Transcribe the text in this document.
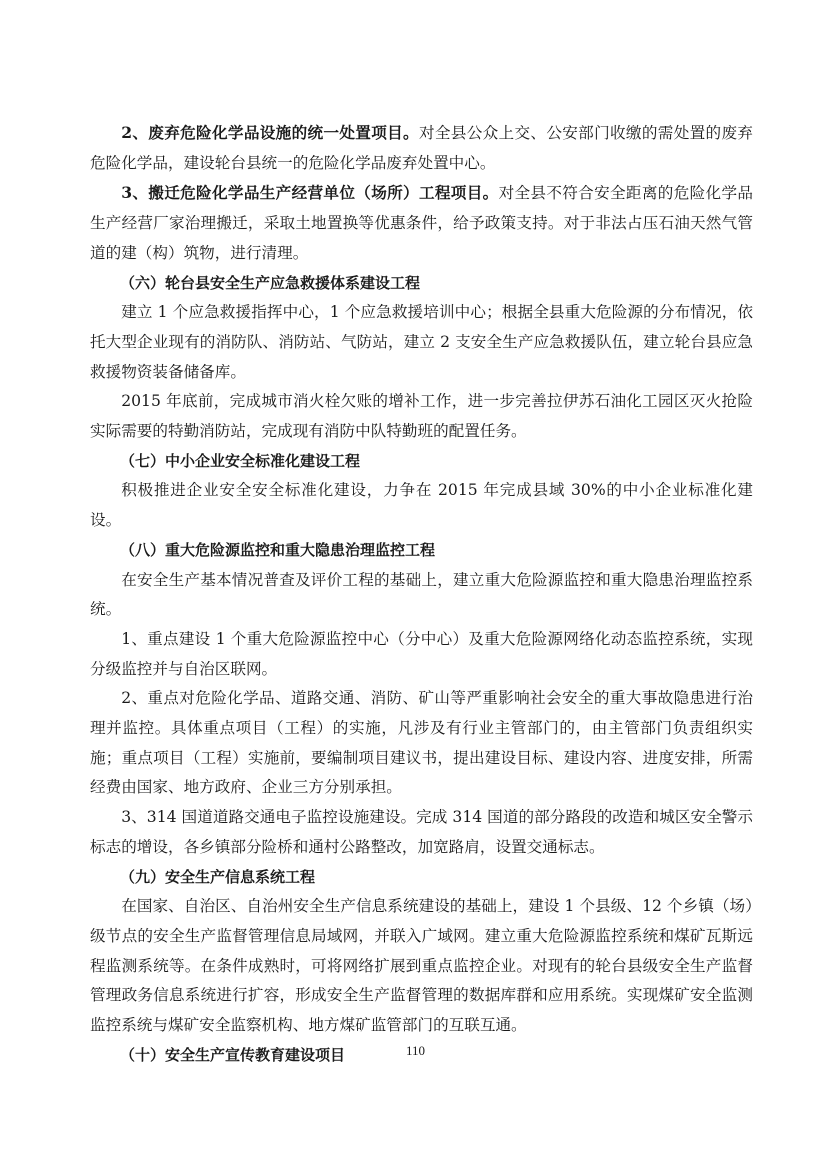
2、废弃危险化学品设施的统一处置项目。对全县公众上交、公安部门收缴的需处置的废弃危险化学品，建设轮台县统一的危险化学品废弃处置中心。

3、搬迁危险化学品生产经营单位（场所）工程项目。对全县不符合安全距离的危险化学品生产经营厂家治理搬迁，采取土地置换等优惠条件，给予政策支持。对于非法占压石油天然气管道的建（构）筑物，进行清理。

（六）轮台县安全生产应急救援体系建设工程

建立 1 个应急救援指挥中心，1 个应急救援培训中心；根据全县重大危险源的分布情况，依托大型企业现有的消防队、消防站、气防站，建立 2 支安全生产应急救援队伍，建立轮台县应急救援物资装备储备库。

2015 年底前，完成城市消火栓欠账的增补工作，进一步完善拉伊苏石油化工园区灭火抢险实际需要的特勤消防站，完成现有消防中队特勤班的配置任务。

（七）中小企业安全标准化建设工程

积极推进企业安全安全标准化建设，力争在 2015 年完成县域 30%的中小企业标准化建设。

（八）重大危险源监控和重大隐患治理监控工程

在安全生产基本情况普查及评价工程的基础上，建立重大危险源监控和重大隐患治理监控系统。

1、重点建设 1 个重大危险源监控中心（分中心）及重大危险源网络化动态监控系统，实现分级监控并与自治区联网。

2、重点对危险化学品、道路交通、消防、矿山等严重影响社会安全的重大事故隐患进行治理并监控。具体重点项目（工程）的实施，凡涉及有行业主管部门的，由主管部门负责组织实施；重点项目（工程）实施前，要编制项目建议书，提出建设目标、建设内容、进度安排，所需经费由国家、地方政府、企业三方分别承担。

3、314 国道道路交通电子监控设施建设。完成 314 国道的部分路段的改造和城区安全警示标志的增设，各乡镇部分险桥和通村公路整改，加宽路肩，设置交通标志。

（九）安全生产信息系统工程

在国家、自治区、自治州安全生产信息系统建设的基础上，建设 1 个县级、12 个乡镇（场）级节点的安全生产监督管理信息局域网，并联入广域网。建立重大危险源监控系统和煤矿瓦斯远程监测系统等。在条件成熟时，可将网络扩展到重点监控企业。对现有的轮台县级安全生产监督管理政务信息系统进行扩容，形成安全生产监督管理的数据库群和应用系统。实现煤矿安全监测监控系统与煤矿安全监察机构、地方煤矿监管部门的互联互通。

（十）安全生产宣传教育建设项目	110
